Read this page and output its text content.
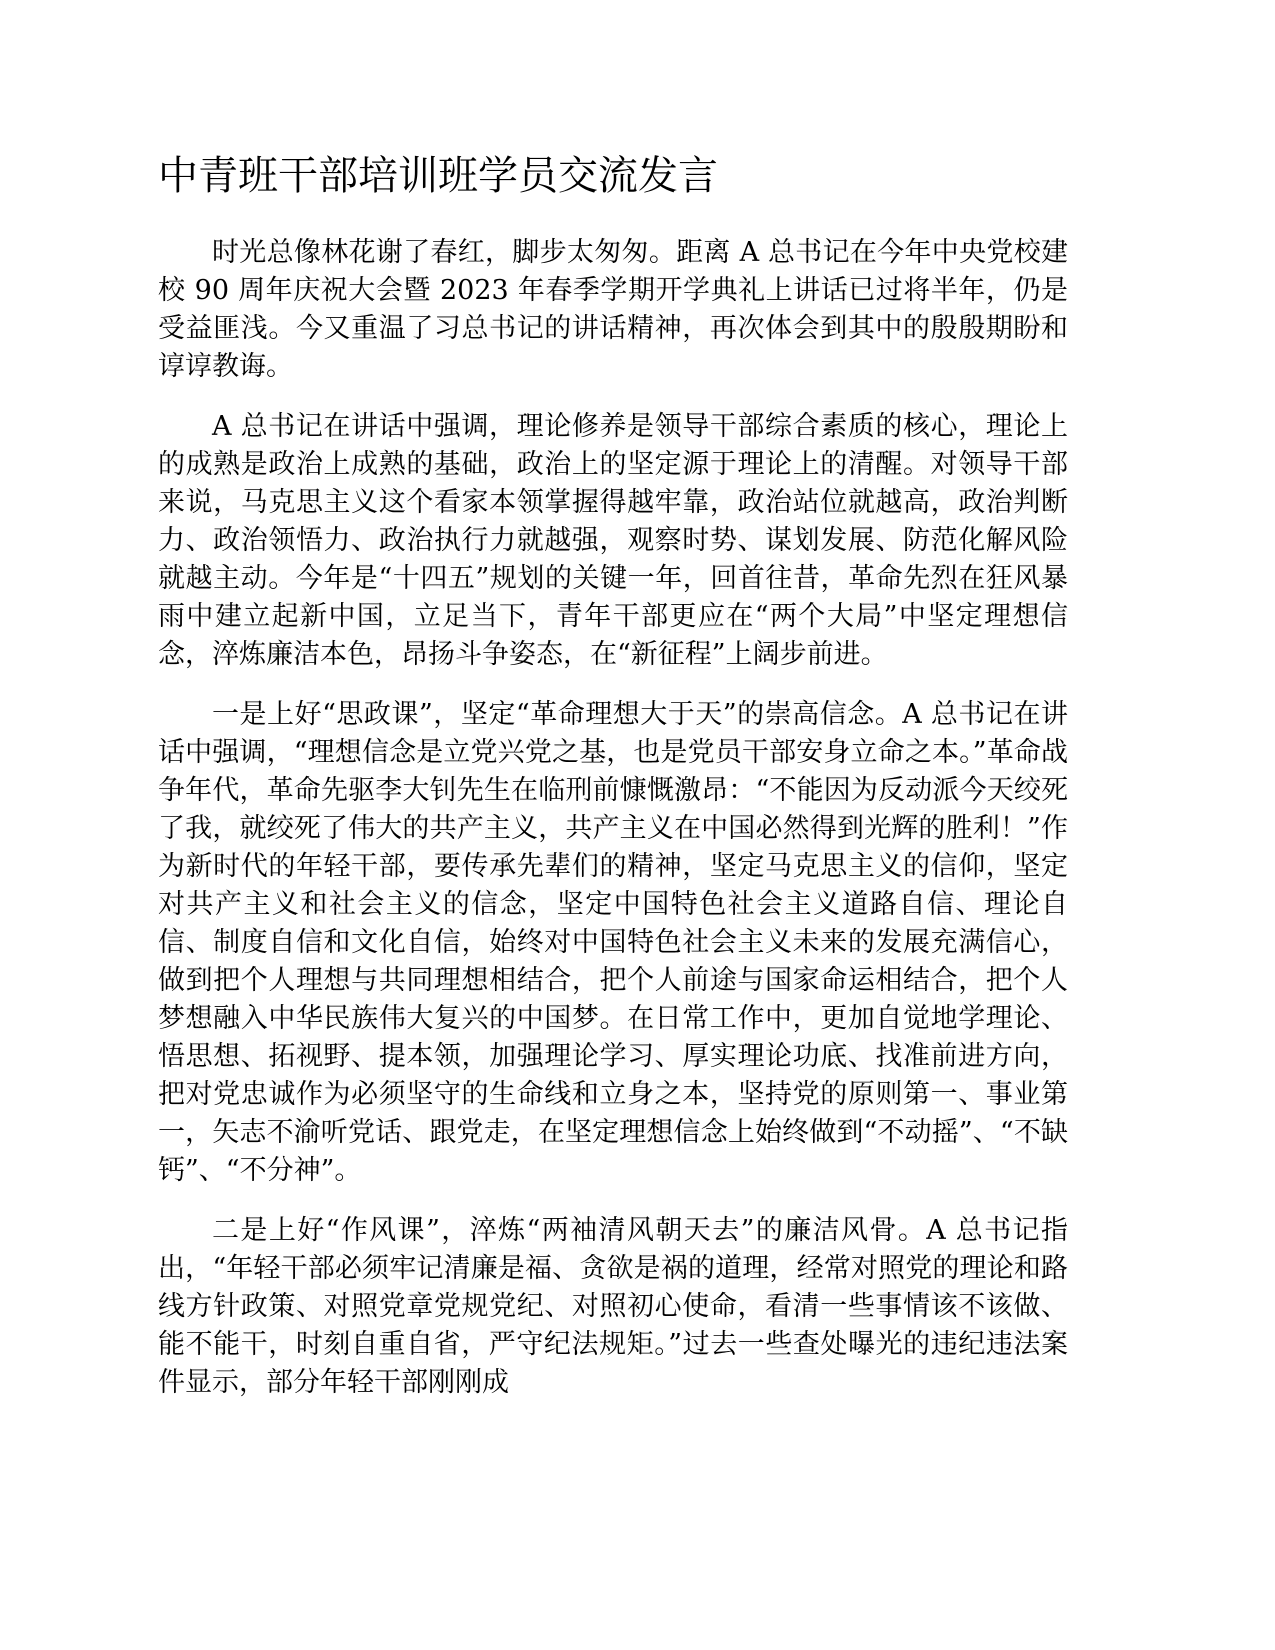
中青班干部培训班学员交流发言

时光总像林花谢了春红，脚步太匆匆。距离 A 总书记在今年中央党校建校 90 周年庆祝大会暨 2023 年春季学期开学典礼上讲话已过将半年，仍是受益匪浅。今又重温了习总书记的讲话精神，再次体会到其中的殷殷期盼和谆谆教诲。

A 总书记在讲话中强调，理论修养是领导干部综合素质的核心，理论上的成熟是政治上成熟的基础，政治上的坚定源于理论上的清醒。对领导干部来说，马克思主义这个看家本领掌握得越牢靠，政治站位就越高，政治判断力、政治领悟力、政治执行力就越强，观察时势、谋划发展、防范化解风险就越主动。今年是“十四五”规划的关键一年，回首往昔，革命先烈在狂风暴雨中建立起新中国，立足当下，青年干部更应在“两个大局”中坚定理想信念，淬炼廉洁本色，昂扬斗争姿态，在“新征程”上阔步前进。

一是上好“思政课”，坚定“革命理想大于天”的崇高信念。A 总书记在讲话中强调，“理想信念是立党兴党之基，也是党员干部安身立命之本。”革命战争年代，革命先驱李大钊先生在临刑前慷慨激昂：“不能因为反动派今天绞死了我，就绞死了伟大的共产主义，共产主义在中国必然得到光辉的胜利！”作为新时代的年轻干部，要传承先辈们的精神，坚定马克思主义的信仰，坚定对共产主义和社会主义的信念，坚定中国特色社会主义道路自信、理论自信、制度自信和文化自信，始终对中国特色社会主义未来的发展充满信心，做到把个人理想与共同理想相结合，把个人前途与国家命运相结合，把个人梦想融入中华民族伟大复兴的中国梦。在日常工作中，更加自觉地学理论、悟思想、拓视野、提本领，加强理论学习、厚实理论功底、找准前进方向，把对党忠诚作为必须坚守的生命线和立身之本，坚持党的原则第一、事业第一，矢志不渝听党话、跟党走，在坚定理想信念上始终做到“不动摇”、“不缺钙”、“不分神”。

二是上好“作风课”，淬炼“两袖清风朝天去”的廉洁风骨。A 总书记指出，“年轻干部必须牢记清廉是福、贪欲是祸的道理，经常对照党的理论和路线方针政策、对照党章党规党纪、对照初心使命，看清一些事情该不该做、能不能干，时刻自重自省，严守纪法规矩。”过去一些查处曝光的违纪违法案件显示，部分年轻干部刚刚成
